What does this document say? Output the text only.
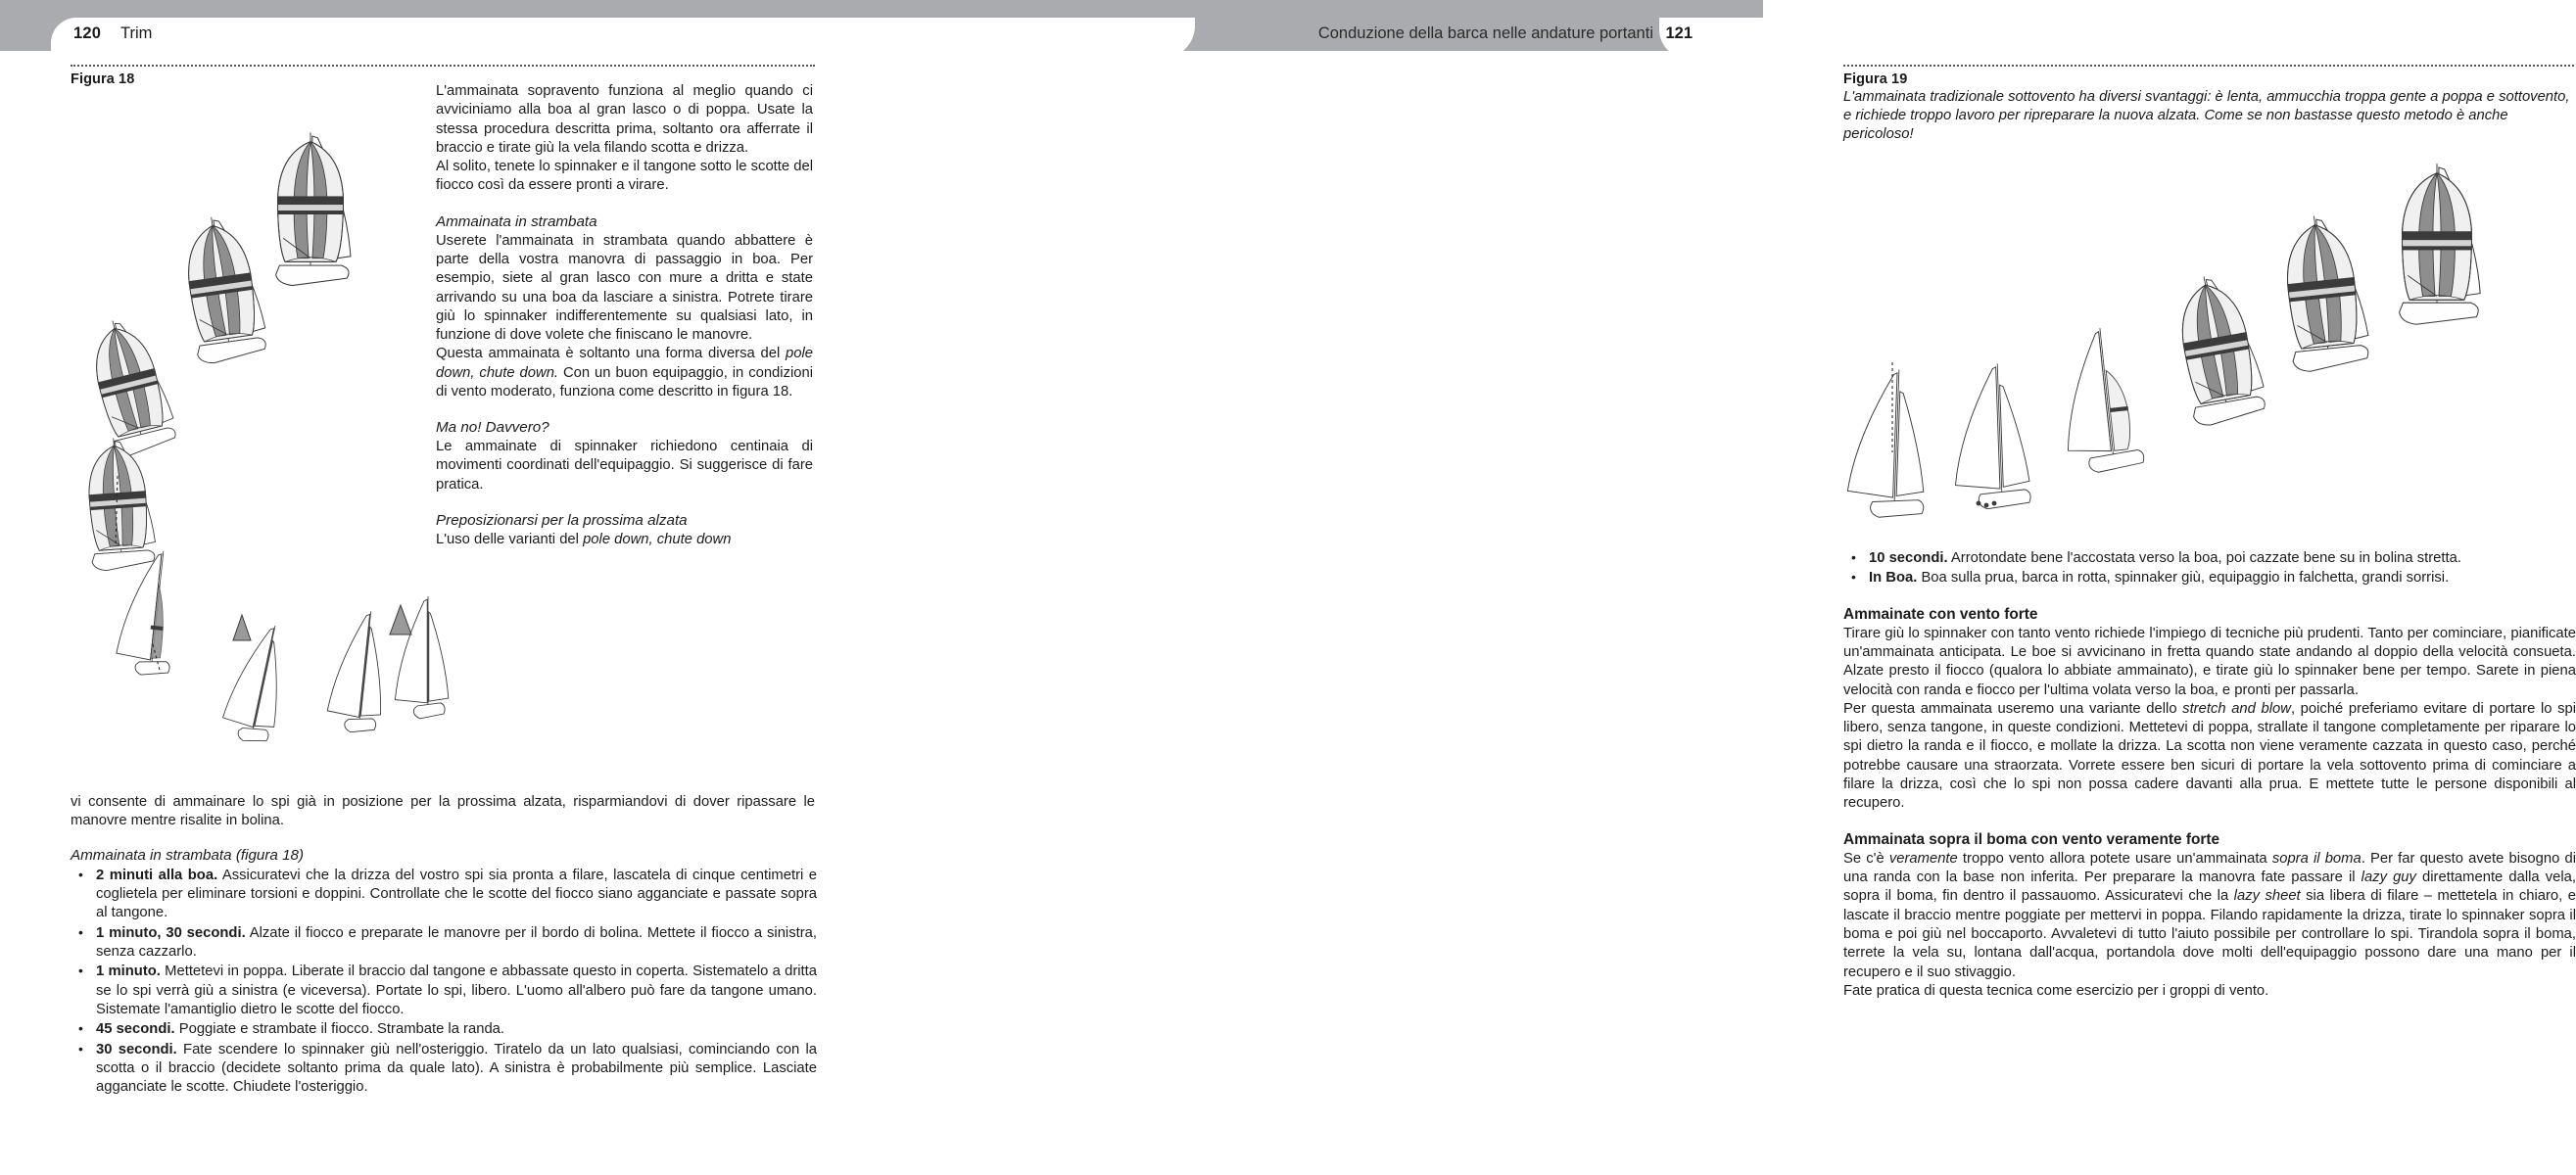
120 Trim	Conduzione della barca nelle andature portanti 121
Figura 18

L'ammainata sopravento funziona al meglio quando ci avviciniamo alla boa al gran lasco o di poppa. Usate la stessa procedura descritta prima, soltanto ora afferrate il braccio e tirate giù la vela filando scotta e drizza.

Al solito, tenete lo spinnaker e il tangone sotto le scotte del fiocco così da essere pronti a virare.

Ammainata in strambata

Userete l'ammainata in strambata quando abbattere è parte della vostra manovra di passaggio in boa. Per esempio, siete al gran lasco con mure a dritta e state arrivando su una boa da lasciare a sinistra. Potrete tirare giù lo spinnaker indifferentemente su qualsiasi lato, in funzione di dove volete che finiscano le manovre.

Questa ammainata è soltanto una forma diversa del pole down, chute down. Con un buon equipaggio, in condizioni di vento moderato, funziona come descritto in figura 18.

Ma no! Davvero?

Le ammainate di spinnaker richiedono centinaia di movimenti coordinati dell'equipaggio. Si suggerisce di fare pratica.

Preposizionarsi per la prossima alzata

L'uso delle varianti del pole down, chute down

vi consente di ammainare lo spi già in posizione per la prossima alzata, risparmiandovi di dover ripassare le manovre mentre risalite in bolina.

Ammainata in strambata (figura 18)
• 2 minuti alla boa. Assicuratevi che la drizza del vostro spi sia pronta a filare, lascatela di cinque centimetri e coglietela per eliminare torsioni e doppini. Controllate che le scotte del fiocco siano agganciate e passate sopra al tangone.
• 1 minuto, 30 secondi. Alzate il fiocco e preparate le manovre per il bordo di bolina. Mettete il fiocco a sinistra, senza cazzarlo.
• 1 minuto. Mettetevi in poppa. Liberate il braccio dal tangone e abbassate questo in coperta. Sistematelo a dritta se lo spi verrà giù a sinistra (e viceversa). Portate lo spi, libero. L'uomo all'albero può fare da tangone umano. Sistemate l'amantiglio dietro le scotte del fiocco.
• 45 secondi. Poggiate e strambate il fiocco. Strambate la randa.
• 30 secondi. Fate scendere lo spinnaker giù nell'osteriggio. Tiratelo da un lato qualsiasi, cominciando con la scotta o il braccio (decidete soltanto prima da quale lato). A sinistra è probabilmente più semplice. Lasciate agganciate le scotte. Chiudete l'osteriggio.
Figura 19
L'ammainata tradizionale sottovento ha diversi svantaggi: è lenta, ammucchia troppa gente a poppa e sottovento, e richiede troppo lavoro per ripreparare la nuova alzata. Come se non bastasse questo metodo è anche pericoloso!
• 10 secondi. Arrotondate bene l'accostata verso la boa, poi cazzate bene su in bolina stretta.
• In Boa. Boa sulla prua, barca in rotta, spinnaker giù, equipaggio in falchetta, grandi sorrisi.
Ammainate con vento forte

Tirare giù lo spinnaker con tanto vento richiede l'impiego di tecniche più prudenti. Tanto per cominciare, pianificate un'ammainata anticipata. Le boe si avvicinano in fretta quando state andando al doppio della velocità consueta. Alzate presto il fiocco (qualora lo abbiate ammainato), e tirate giù lo spinnaker bene per tempo. Sarete in piena velocità con randa e fiocco per l'ultima volata verso la boa, e pronti per passarla.

Per questa ammainata useremo una variante dello stretch and blow, poiché preferiamo evitare di portare lo spi libero, senza tangone, in queste condizioni. Mettetevi di poppa, strallate il tangone completamente per riparare lo spi dietro la randa e il fiocco, e mollate la drizza. La scotta non viene veramente cazzata in questo caso, perché potrebbe causare una straorzata. Vorrete essere ben sicuri di portare la vela sottovento prima di cominciare a filare la drizza, così che lo spi non possa cadere davanti alla prua. E mettete tutte le persone disponibili al recupero.

Ammainata sopra il boma con vento veramente forte

Se c'è veramente troppo vento allora potete usare un'ammainata sopra il boma. Per far questo avete bisogno di una randa con la base non inferita. Per preparare la manovra fate passare il lazy guy direttamente dalla vela, sopra il boma, fin dentro il passauomo. Assicuratevi che la lazy sheet sia libera di filare – mettetela in chiaro, e lascate il braccio mentre poggiate per mettervi in poppa. Filando rapidamente la drizza, tirate lo spinnaker sopra il boma e poi giù nel boccaporto. Avvaletevi di tutto l'aiuto possibile per controllare lo spi. Tirandola sopra il boma, terrete la vela su, lontana dall'acqua, portandola dove molti dell'equipaggio possono dare una mano per il recupero e il suo stivaggio.

Fate pratica di questa tecnica come esercizio per i groppi di vento.
